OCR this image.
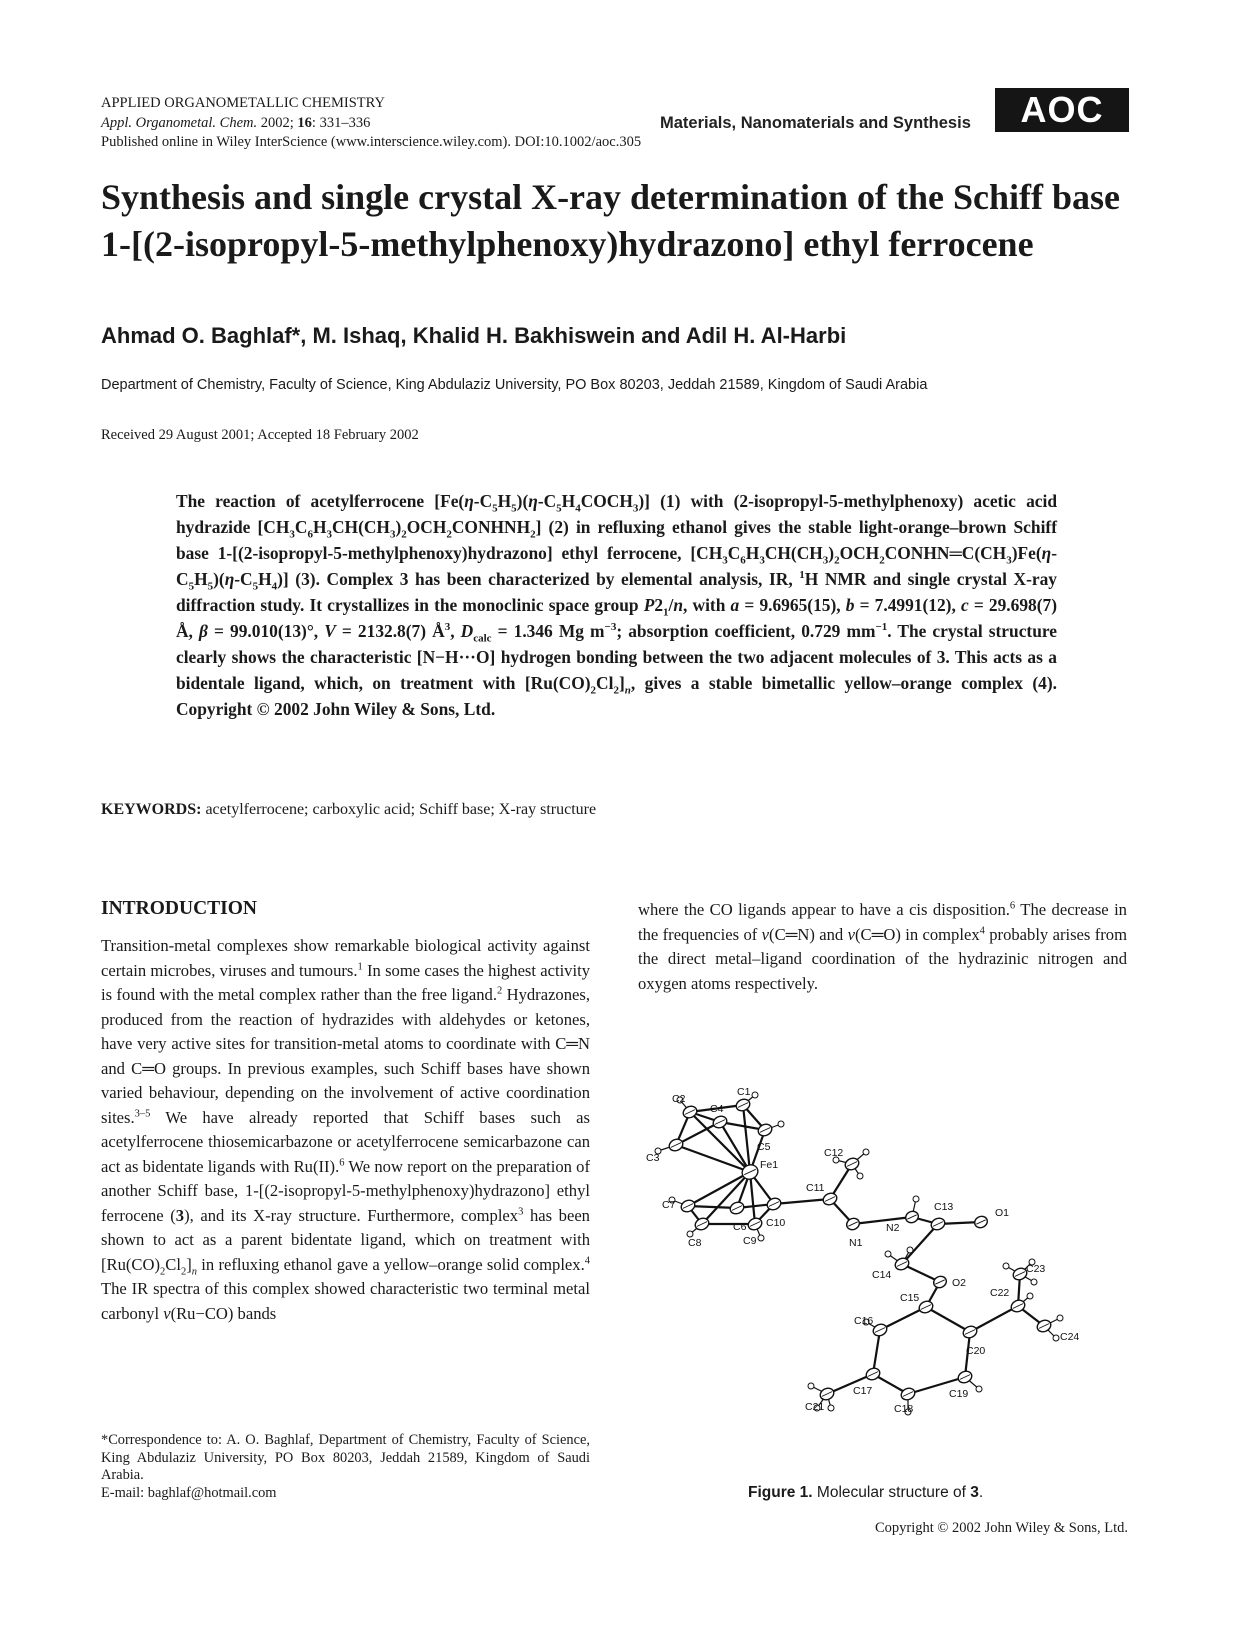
APPLIED ORGANOMETALLIC CHEMISTRY
Appl. Organometal. Chem. 2002; 16: 331–336
Published online in Wiley InterScience (www.interscience.wiley.com). DOI:10.1002/aoc.305
Materials, Nanomaterials and Synthesis	AOC
Synthesis and single crystal X-ray determination of the Schiff base 1-[(2-isopropyl-5-methylphenoxy)hydrazono] ethyl ferrocene
Ahmad O. Baghlaf*, M. Ishaq, Khalid H. Bakhiswein and Adil H. Al-Harbi
Department of Chemistry, Faculty of Science, King Abdulaziz University, PO Box 80203, Jeddah 21589, Kingdom of Saudi Arabia
Received 29 August 2001; Accepted 18 February 2002
The reaction of acetylferrocene $[Fe(\eta-C_5H_5)(\eta-C_5H_4COCH_3)]$ (1) with (2-isopropyl-5-methylphenoxy) acetic acid hydrazide $[CH_3C_6H_3CH(CH_3)_2OCH_2CONHNH_2]$ (2) in refluxing ethanol gives the stable light-orange–brown Schiff base 1-[(2-isopropyl-5-methylphenoxy)hydrazono] ethyl ferrocene, $[CH_3C_6H_3CH(CH_3)_2OCH_2CONHN═C(CH_3)Fe(\eta-C_5H_5)(\eta-C_5H_4)]$ (3). Complex 3 has been characterized by elemental analysis, IR, $^1$H NMR and single crystal X-ray diffraction study. It crystallizes in the monoclinic space group $P2_1/n$, with a = 9.6965(15), b = 7.4991(12), c = 29.698(7) Å, β = 99.010(13)°, V = 2132.8(7) $Å^3$, $D_{calc} = 1.346$ Mg $m^{-3}$; absorption coefficient, 0.729 $mm^{-1}$. The crystal structure clearly shows the characteristic [N−H···O] hydrogen bonding between the two adjacent molecules of 3. This acts as a bidentale ligand, which, on treatment with $[Ru(CO)_2Cl_2]_n$, gives a stable bimetallic yellow–orange complex (4). Copyright © 2002 John Wiley & Sons, Ltd.
KEYWORDS: acetylferrocene; carboxylic acid; Schiff base; X-ray structure
INTRODUCTION
Transition-metal complexes show remarkable biological activity against certain microbes, viruses and tumours.$^1$ In some cases the highest activity is found with the metal complex rather than the free ligand.$^2$ Hydrazones, produced from the reaction of hydrazides with aldehydes or ketones, have very active sites for transition-metal atoms to coordinate with C═N and C═O groups. In previous examples, such Schiff bases have shown varied behaviour, depending on the involvement of active coordination sites.$^{3-5}$ We have already reported that Schiff bases such as acetylferrocene thiosemicarbazone or acetylferrocene semicarbazone can act as bidentate ligands with Ru(II).$^6$ We now report on the preparation of another Schiff base, 1-[(2-isopropyl-5-methylphenoxy)hydrazono] ethyl ferrocene (3), and its X-ray structure. Furthermore, complex$^3$ has been shown to act as a parent bidentate ligand, which on treatment with $[Ru(CO)_2Cl_2]_n$ in refluxing ethanol gave a yellow–orange solid complex.$^4$ The IR spectra of this complex showed characteristic two terminal metal carbonyl v(Ru−CO) bands
where the CO ligands appear to have a cis disposition.$^6$ The decrease in the frequencies of v(C═N) and v(C═O) in complex$^4$ probably arises from the direct metal–ligand coordination of the hydrazinic nitrogen and oxygen atoms respectively.
*Correspondence to: A. O. Baghlaf, Department of Chemistry, Faculty of Science, King Abdulaziz University, PO Box 80203, Jeddah 21589, Kingdom of Saudi Arabia.
E-mail: baghlaf@hotmail.com
C1
C2
C3
C4
C5
Fe1
C6
C7
C8	C9
C10
C11
C12
N1
N2
C13	O1
C14
O2
C15
C16
C17
C18
C19
C20
C21
C22
C23
C24
Figure 1. Molecular structure of 3.
Copyright © 2002 John Wiley & Sons, Ltd.
